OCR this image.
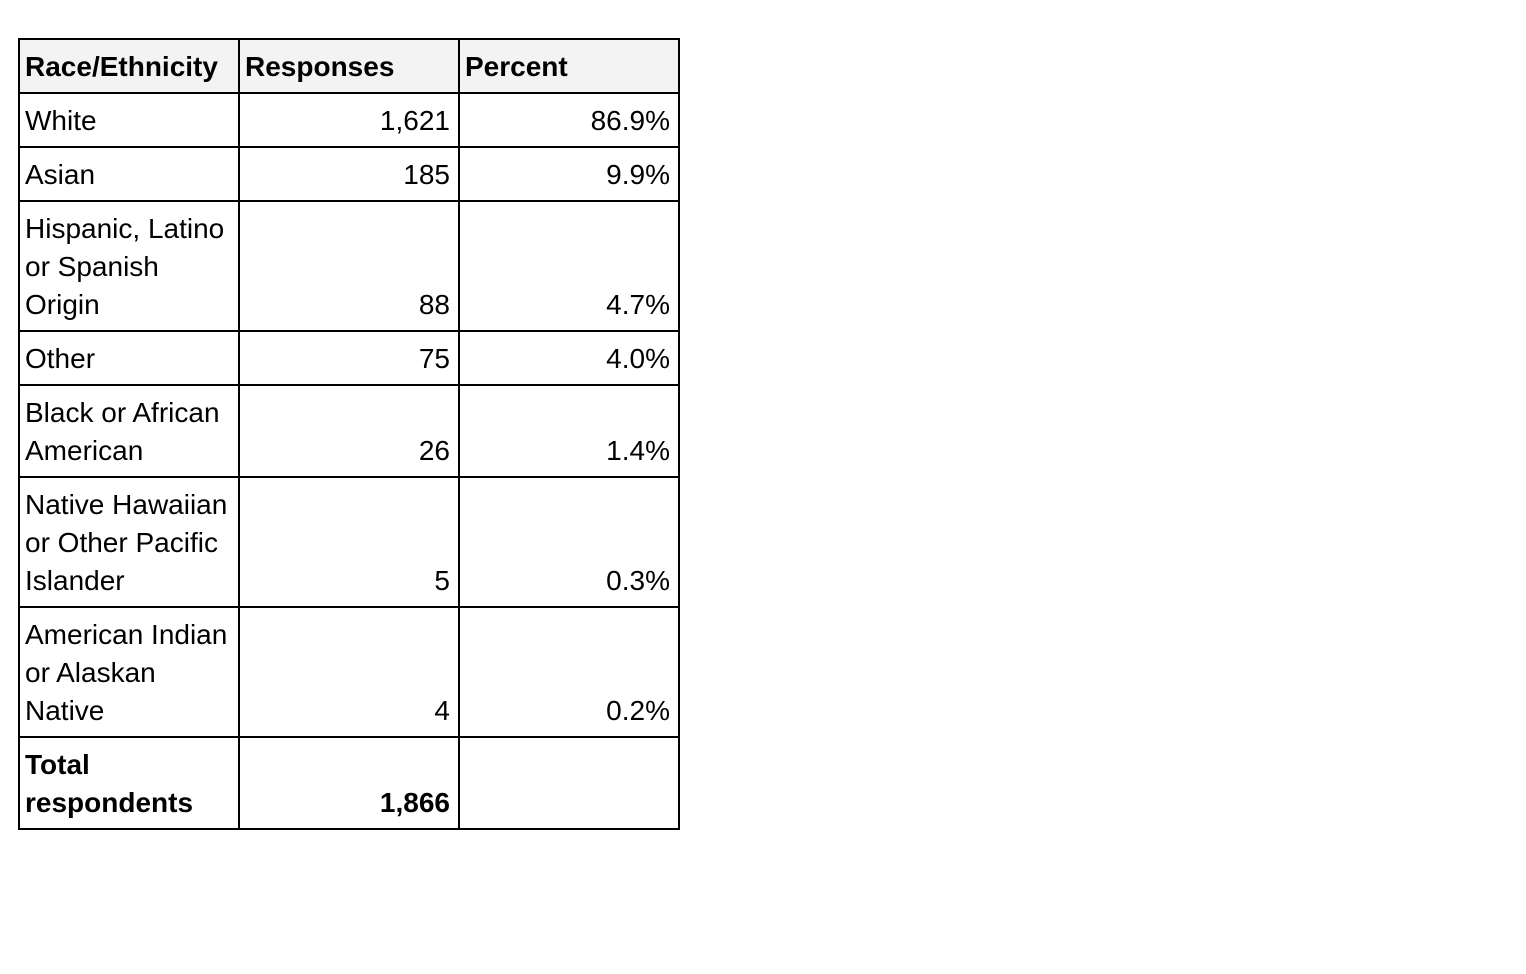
Race/Ethnicity	Responses	Percent
White	1,621	86.9%
Asian	185	9.9%
Hispanic, Latino or Spanish Origin	88	4.7%
Other	75	4.0%
Black or African American	26	1.4%
Native Hawaiian or Other Pacific Islander	5	0.3%
American Indian or Alaskan Native	4	0.2%
Total respondents	1,866	
